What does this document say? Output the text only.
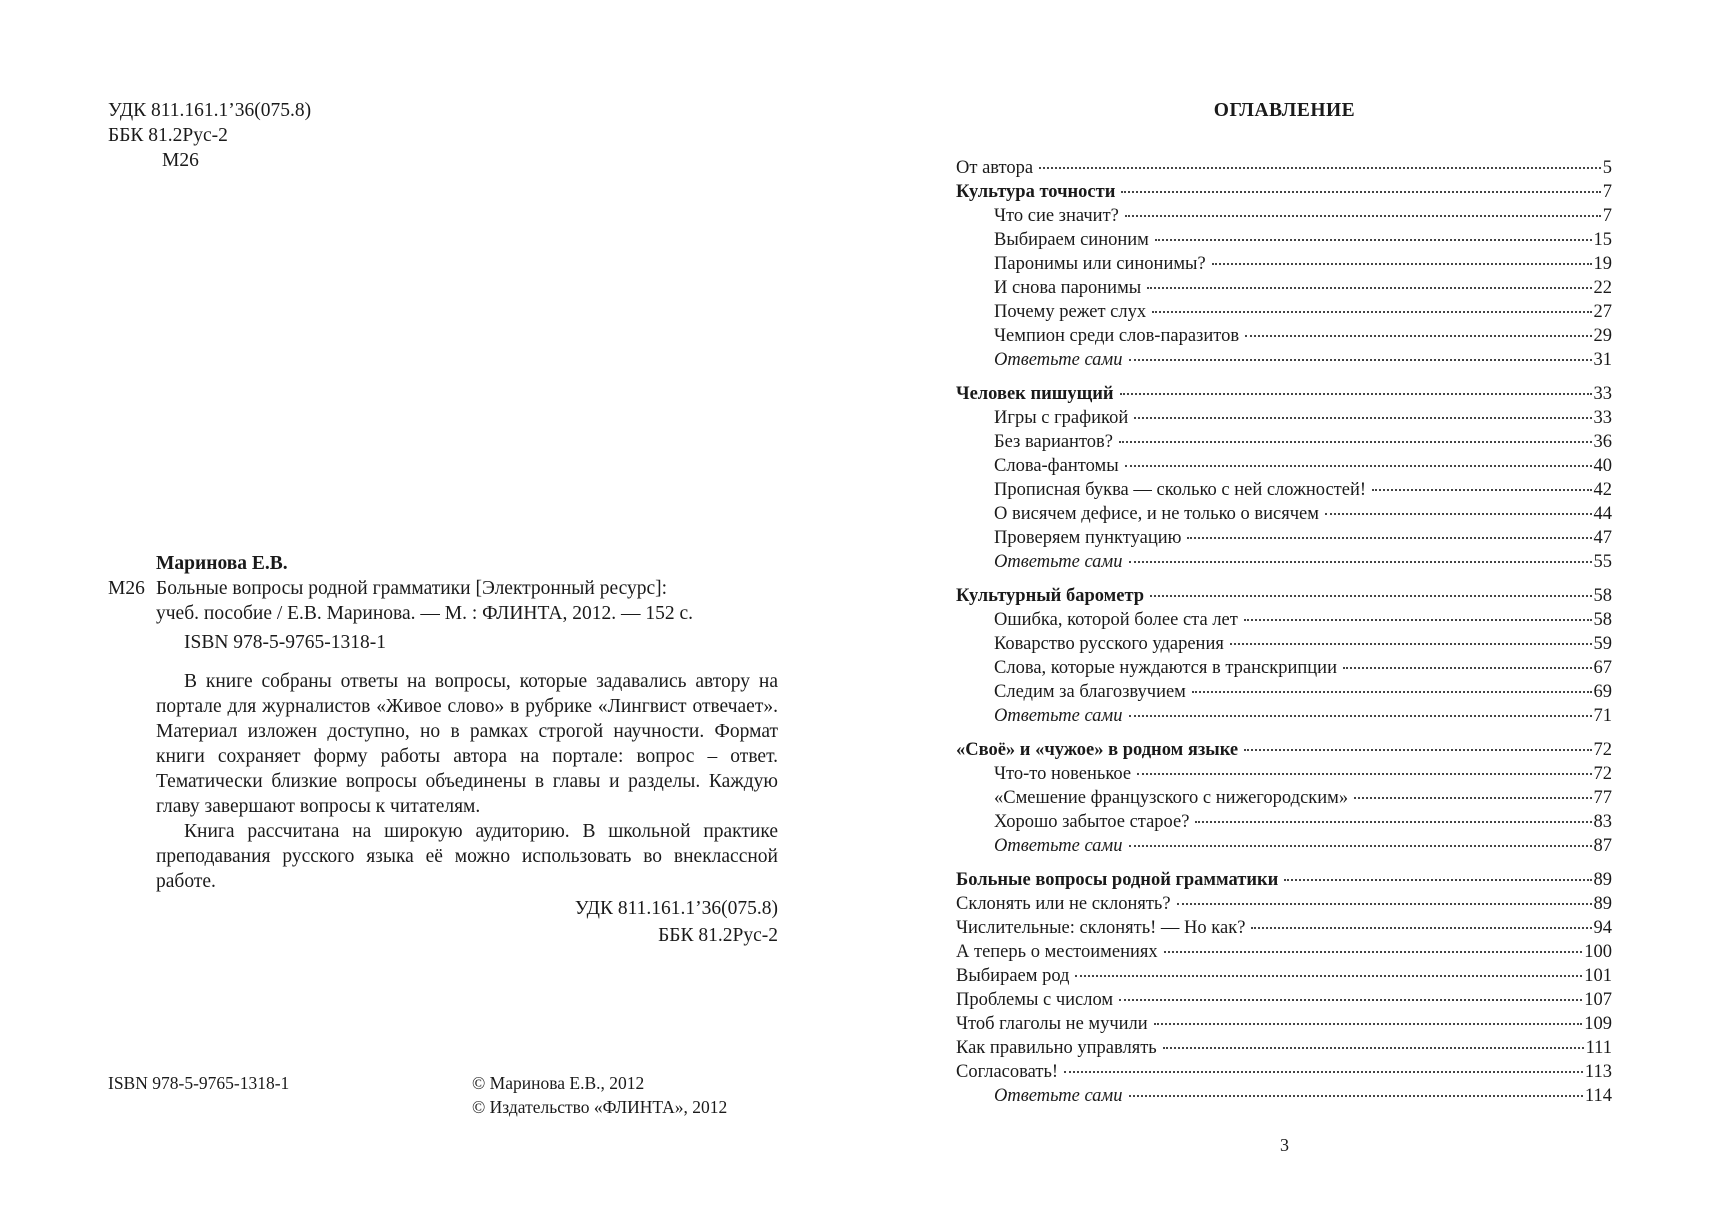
УДК 811.161.1’36(075.8)
ББК 81.2Рус-2
М26
Маринова Е.В.
М26 Больные вопросы родной грамматики [Электронный ресурс]:
учеб. пособие / Е.В. Маринова. — М. : ФЛИНТА, 2012. — 152 с.
ISBN 978-5-9765-1318-1

В книге собраны ответы на вопросы, которые задавались автору на портале для журналистов «Живое слово» в рубрике «Лингвист отвечает». Материал изложен доступно, но в рамках строгой научности. Формат книги сохраняет форму работы автора на портале: вопрос – ответ. Тематически близкие вопросы объединены в главы и разделы. Каждую главу завершают вопросы к читателям.

Книга рассчитана на широкую аудиторию. В школьной практике преподавания русского языка её можно использовать во внеклассной работе.

УДК 811.161.1’36(075.8)
ББК 81.2Рус-2
ISBN 978-5-9765-1318-1	© Маринова Е.В., 2012
© Издательство «ФЛИНТА», 2012
ОГЛАВЛЕНИЕ
От автора	5
Культура точности	7
Что сие значит?	7
Выбираем синоним	15
Паронимы или синонимы?	19
И снова паронимы	22
Почему режет слух	27
Чемпион среди слов-паразитов	29
Ответьте сами	31
Человек пишущий	33
Игры с графикой	33
Без вариантов?	36
Слова-фантомы	40
Прописная буква — сколько с ней сложностей!	42
О висячем дефисе, и не только о висячем	44
Проверяем пунктуацию	47
Ответьте сами	55
Культурный барометр	58
Ошибка, которой более ста лет	58
Коварство русского ударения	59
Слова, которые нуждаются в транскрипции	67
Следим за благозвучием	69
Ответьте сами	71
«Своё» и «чужое» в родном языке	72
Что-то новенькое	72
«Смешение французского с нижегородским»	77
Хорошо забытое старое?	83
Ответьте сами	87
Больные вопросы родной грамматики	89
Склонять или не склонять?	89
Числительные: склонять! — Но как?	94
А теперь о местоимениях	100
Выбираем род	101
Проблемы с числом	107
Чтоб глаголы не мучили	109
Как правильно управлять	111
Согласовать!	113
Ответьте сами	114
3
